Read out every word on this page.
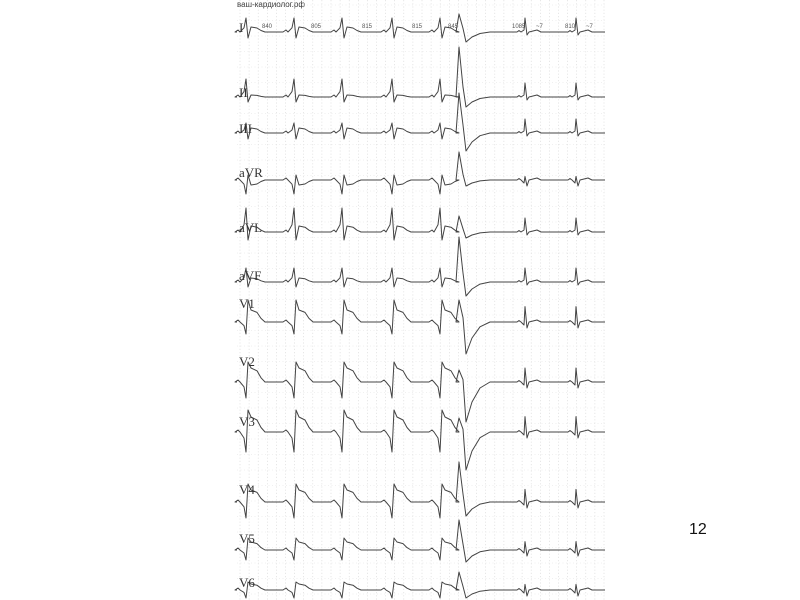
ваш-кардиолог.рф
840	805	815	815	845	1085 ~7	810 ~7
I
II
III
aVR
aVL
aVF
V1
V2
V3
V4
V5
V6
12
